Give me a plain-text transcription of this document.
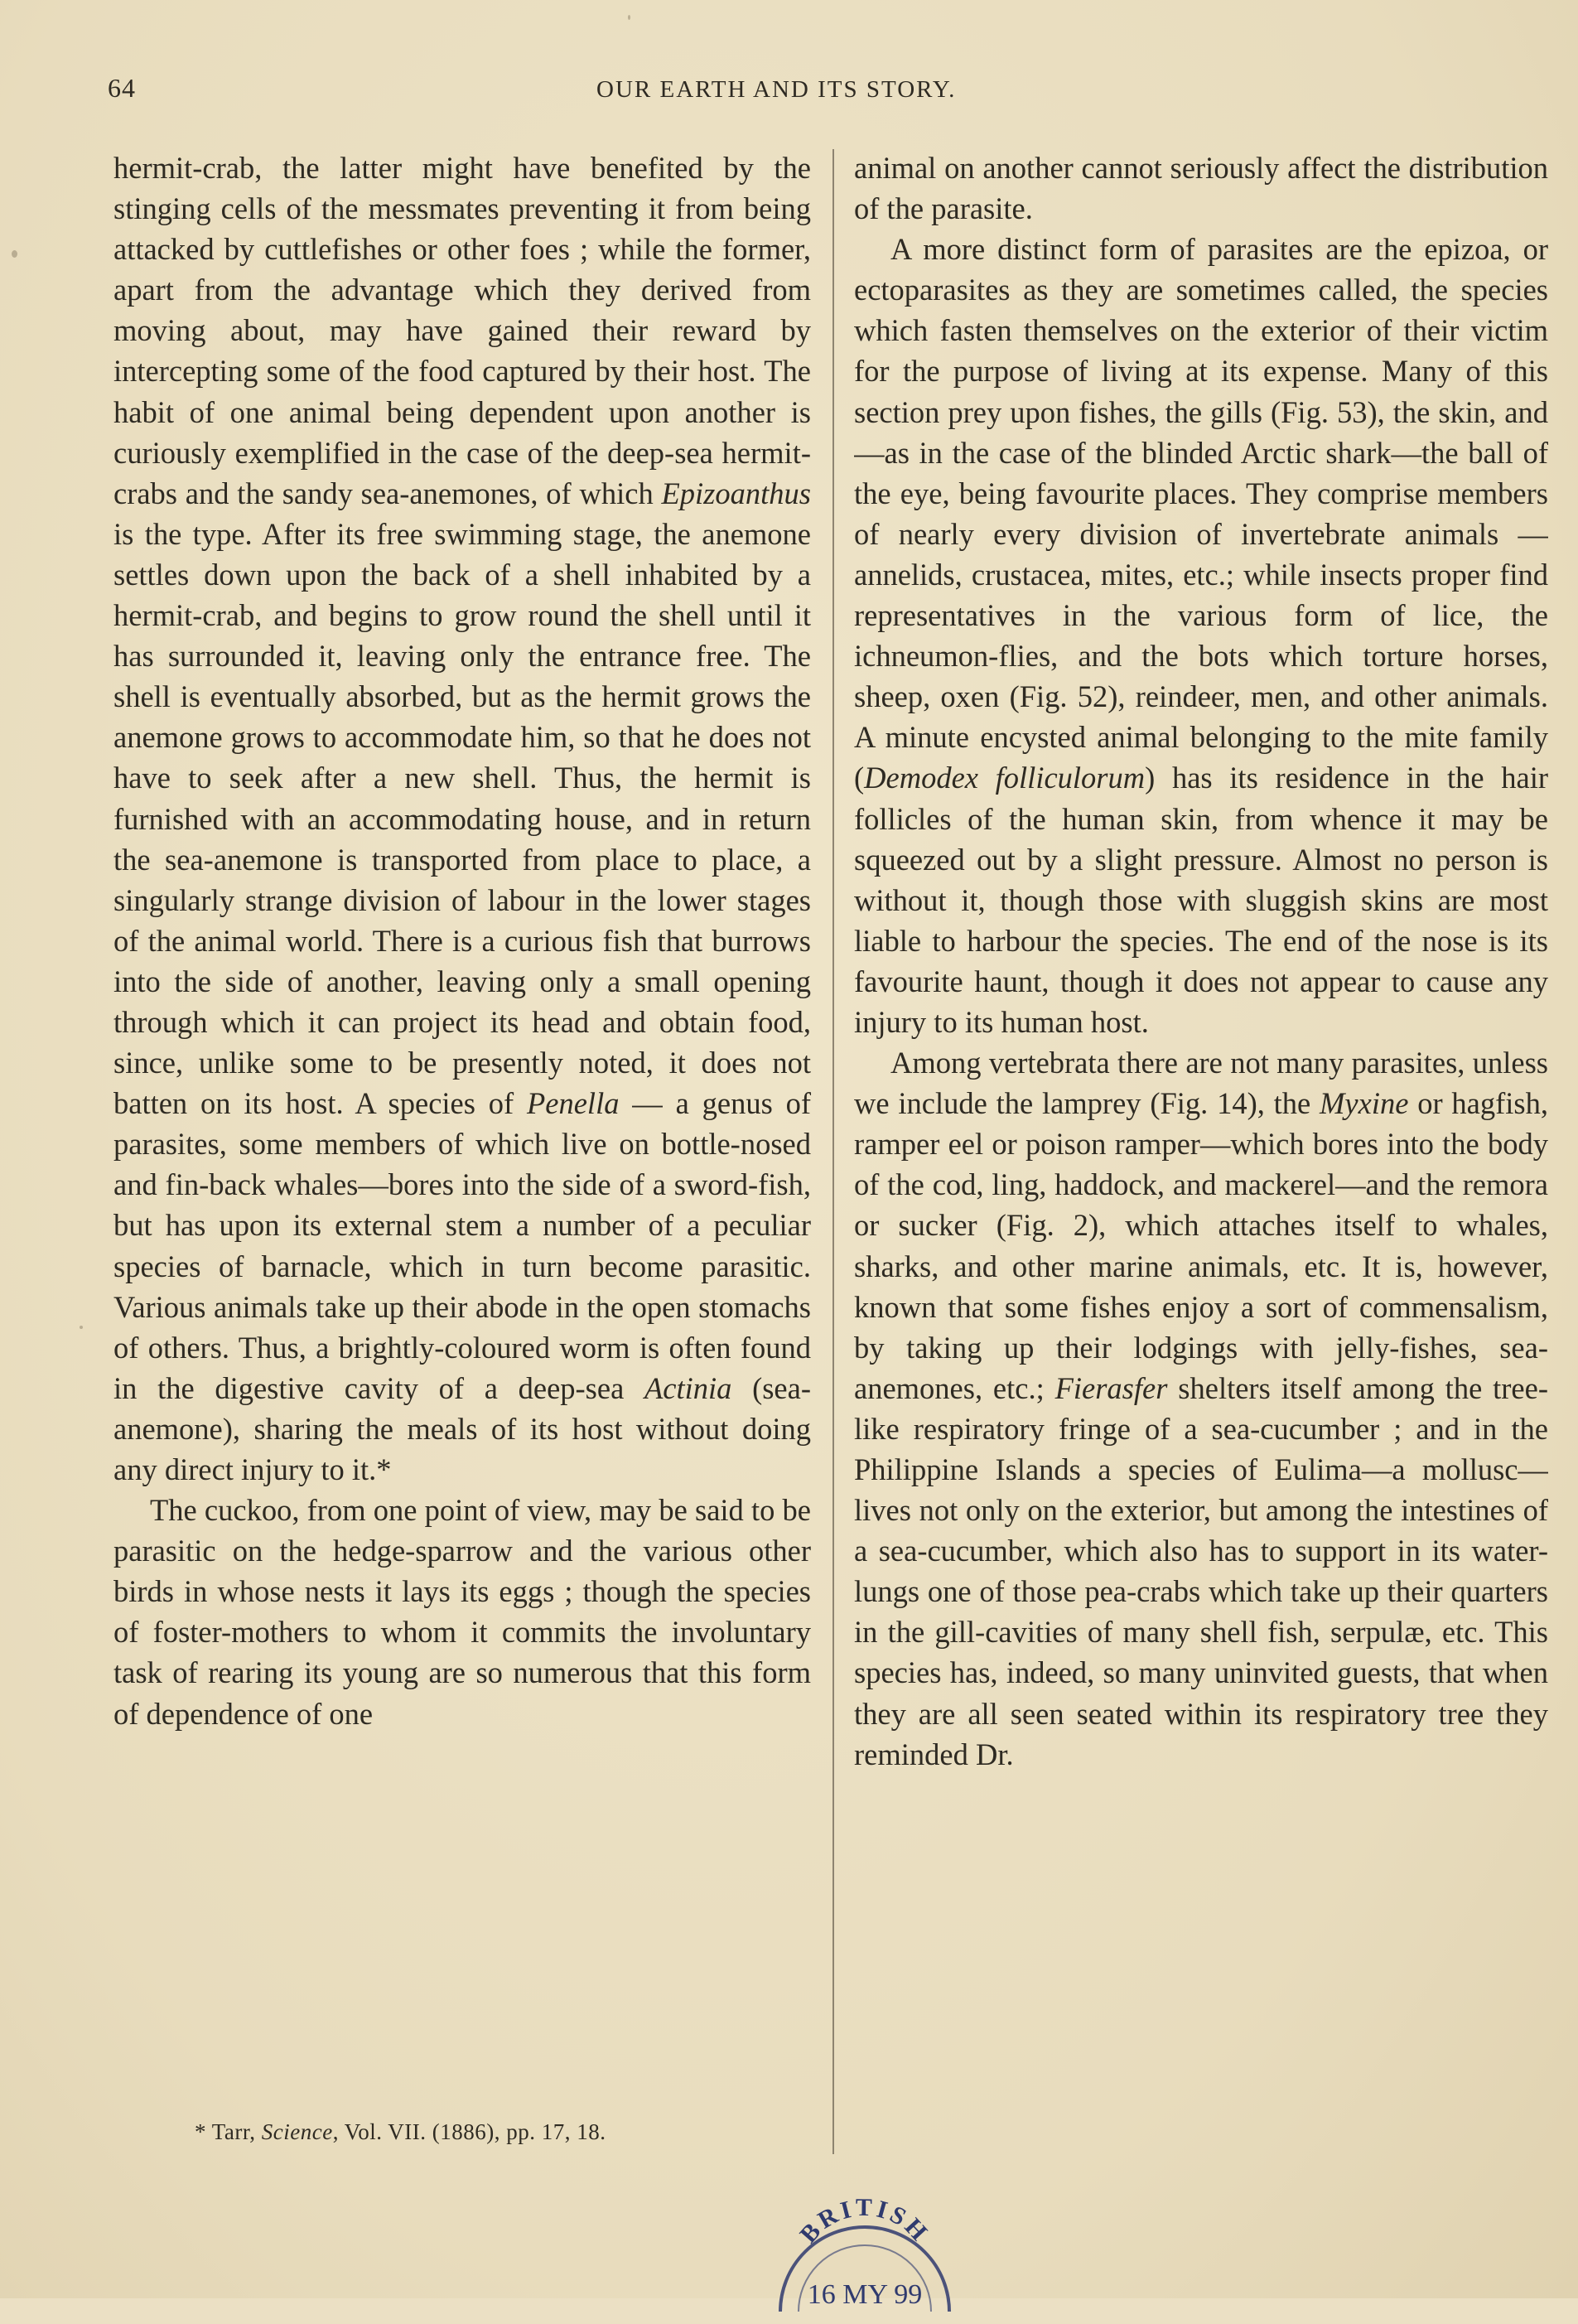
64	OUR EARTH AND ITS STORY.

hermit-crab, the latter might have benefited by the stinging cells of the messmates preventing it from being attacked by cuttlefishes or other foes ; while the former, apart from the advantage which they derived from moving about, may have gained their reward by intercepting some of the food captured by their host. The habit of one animal being dependent upon another is curiously exemplified in the case of the deep-sea hermit-crabs and the sandy sea-anemones, of which Epizoanthus is the type. After its free swimming stage, the anemone settles down upon the back of a shell inhabited by a hermit-crab, and begins to grow round the shell until it has surrounded it, leaving only the entrance free. The shell is eventually absorbed, but as the hermit grows the anemone grows to accommodate him, so that he does not have to seek after a new shell. Thus, the hermit is furnished with an accommodating house, and in return the sea-anemone is transported from place to place, a singularly strange division of labour in the lower stages of the animal world. There is a curious fish that burrows into the side of another, leaving only a small opening through which it can project its head and obtain food, since, unlike some to be presently noted, it does not batten on its host. A species of Penella — a genus of parasites, some members of which live on bottle-nosed and fin-back whales—bores into the side of a sword-fish, but has upon its external stem a number of a peculiar species of barnacle, which in turn become parasitic. Various animals take up their abode in the open stomachs of others. Thus, a brightly-coloured worm is often found in the digestive cavity of a deep-sea Actinia (sea-anemone), sharing the meals of its host without doing any direct injury to it.*

The cuckoo, from one point of view, may be said to be parasitic on the hedge-sparrow and the various other birds in whose nests it lays its eggs ; though the species of foster-mothers to whom it commits the involuntary task of rearing its young are so numerous that this form of dependence of one

animal on another cannot seriously affect the distribution of the parasite.

A more distinct form of parasites are the epizoa, or ectoparasites as they are sometimes called, the species which fasten themselves on the exterior of their victim for the purpose of living at its expense. Many of this section prey upon fishes, the gills (Fig. 53), the skin, and—as in the case of the blinded Arctic shark—the ball of the eye, being favourite places. They comprise members of nearly every division of invertebrate animals — annelids, crustacea, mites, etc.; while insects proper find representatives in the various form of lice, the ichneumon-flies, and the bots which torture horses, sheep, oxen (Fig. 52), reindeer, men, and other animals. A minute encysted animal belonging to the mite family (Demodex folliculorum) has its residence in the hair follicles of the human skin, from whence it may be squeezed out by a slight pressure. Almost no person is without it, though those with sluggish skins are most liable to harbour the species. The end of the nose is its favourite haunt, though it does not appear to cause any injury to its human host.

Among vertebrata there are not many parasites, unless we include the lamprey (Fig. 14), the Myxine or hagfish, ramper eel or poison ramper—which bores into the body of the cod, ling, haddock, and mackerel—and the remora or sucker (Fig. 2), which attaches itself to whales, sharks, and other marine animals, etc. It is, however, known that some fishes enjoy a sort of commensalism, by taking up their lodgings with jelly-fishes, sea-anemones, etc.; Fierasfer shelters itself among the tree-like respiratory fringe of a sea-cucumber ; and in the Philippine Islands a species of Eulima—a mollusc—lives not only on the exterior, but among the intestines of a sea-cucumber, which also has to support in its water-lungs one of those pea-crabs which take up their quarters in the gill-cavities of many shell fish, serpulæ, etc. This species has, indeed, so many uninvited guests, that when they are all seen seated within its respiratory tree they reminded Dr.

* Tarr, Science, Vol. VII. (1886), pp. 17, 18.
BRITISH
16 MY 99
